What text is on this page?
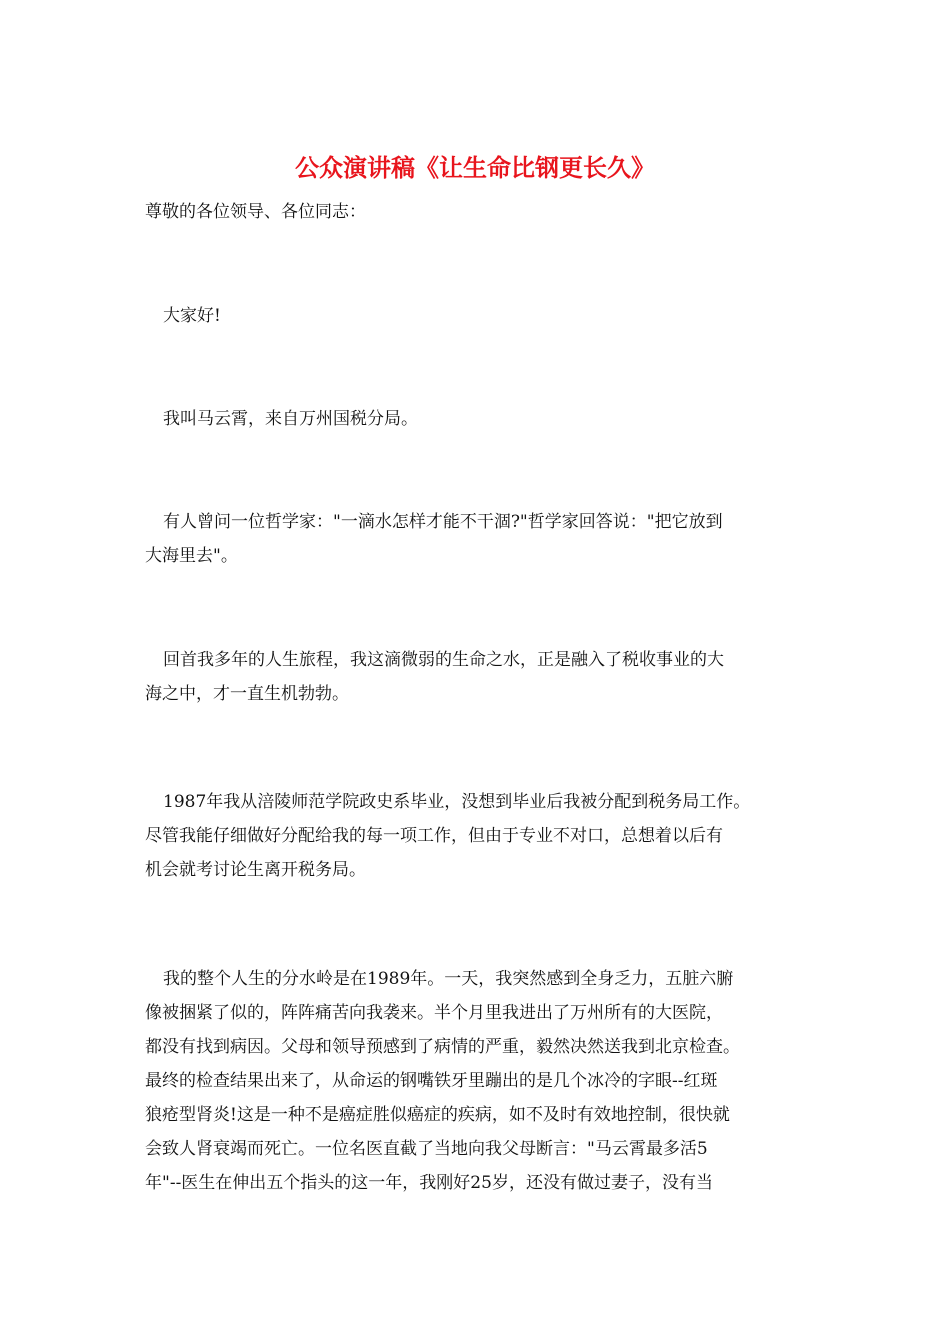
公众演讲稿《让生命比钢更长久》

尊敬的各位领导、各位同志：

大家好!
我叫马云霄，来自万州国税分局。
有人曾问一位哲学家："一滴水怎样才能不干涸?"哲学家回答说："把它放到
大海里去"。
回首我多年的人生旅程，我这滴微弱的生命之水，正是融入了税收事业的大
海之中，才一直生机勃勃。
1987年我从涪陵师范学院政史系毕业，没想到毕业后我被分配到税务局工作。
尽管我能仔细做好分配给我的每一项工作，但由于专业不对口，总想着以后有
机会就考讨论生离开税务局。
我的整个人生的分水岭是在1989年。一天，我突然感到全身乏力，五脏六腑
像被捆紧了似的，阵阵痛苦向我袭来。半个月里我进出了万州所有的大医院，
都没有找到病因。父母和领导预感到了病情的严重，毅然决然送我到北京检查。
最终的检查结果出来了，从命运的钢嘴铁牙里蹦出的是几个冰冷的字眼--红斑
狼疮型肾炎!这是一种不是癌症胜似癌症的疾病，如不及时有效地控制，很快就
会致人肾衰竭而死亡。一位名医直截了当地向我父母断言："马云霄最多活5
年"--医生在伸出五个指头的这一年，我刚好25岁，还没有做过妻子，没有当
